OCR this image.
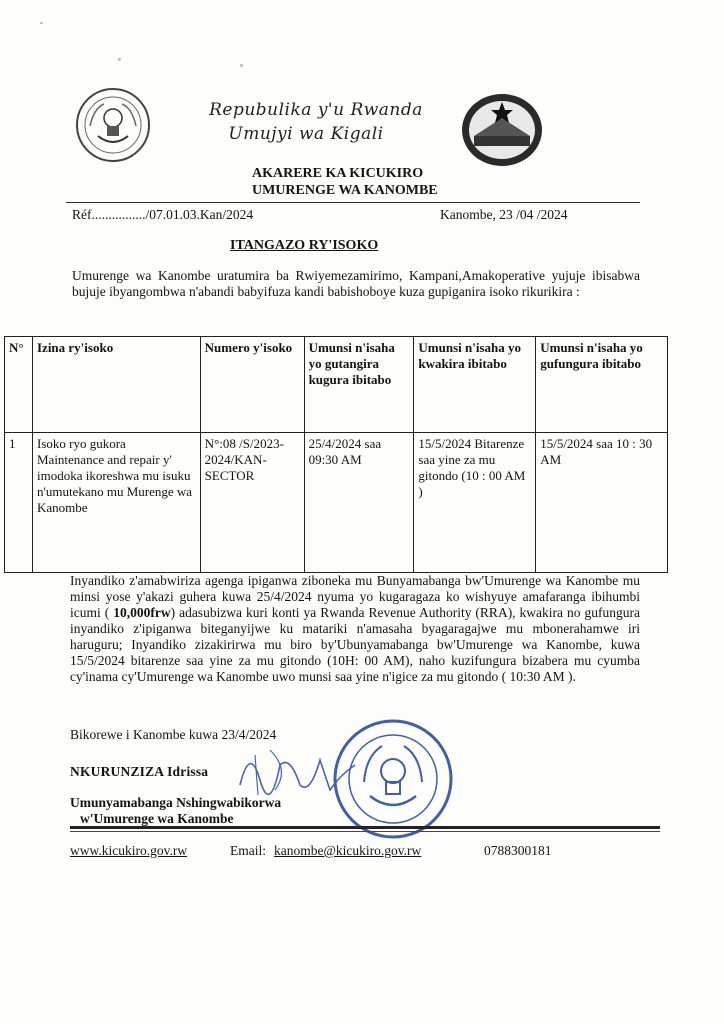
Repubulika y'u Rwanda
Umujyi wa Kigali
AKARERE KA KICUKIRO
UMURENGE WA KANOMBE
Réf................/07.01.03.Kan/2024	Kanombe, 23 /04 /2024
ITANGAZO RY'ISOKO
Umurenge wa Kanombe uratumira ba Rwiyemezamirimo, Kampani,Amakoperative yujuje ibisabwa bujuje ibyangombwa n'abandi babyifuza kandi babishoboye kuza gupiganira isoko rikurikira :
N°	Izina ry'isoko	Numero y'isoko	Umunsi n'isaha yo gutangira kugura ibitabo	Umunsi n'isaha yo kwakira ibitabo	Umunsi n'isaha yo gufungura ibitabo
1	Isoko ryo gukora Maintenance and repair y' imodoka ikoreshwa mu isuku n'umutekano mu Murenge wa Kanombe	N°:08 /S/2023-2024/KAN-SECTOR	25/4/2024 saa 09:30 AM	15/5/2024 Bitarenze saa yine za mu gitondo (10 : 00 AM )	15/5/2024 saa 10 : 30 AM
Inyandiko z'amabwiriza agenga ipiganwa ziboneka mu Bunyamabanga bw'Umurenge wa Kanombe mu minsi yose y'akazi guhera kuwa 25/4/2024 nyuma yo kugaragaza ko wishyuye amafaranga ibihumbi icumi ( 10,000frw) adasubizwa kuri konti ya Rwanda Revenue Authority (RRA), kwakira no gufungura inyandiko z'ipiganwa biteganyijwe ku matariki n'amasaha byagaragajwe mu mbonerahamwe iri haruguru; Inyandiko zizakirirwa mu biro by'Ubunyamabanga bw'Umurenge wa Kanombe, kuwa 15/5/2024 bitarenze saa yine za mu gitondo (10H: 00 AM), naho kuzifungura bizabera mu cyumba cy'inama cy'Umurenge wa Kanombe uwo munsi saa yine n'igice za mu gitondo ( 10:30 AM ).
Bikorewe i Kanombe kuwa 23/4/2024
NKURUNZIZA Idrissa
Umunyamabanga Nshingwabikorwa
w'Umurenge wa Kanombe
www.kicukiro.gov.rw	Email: kanombe@kicukiro.gov.rw	0788300181
